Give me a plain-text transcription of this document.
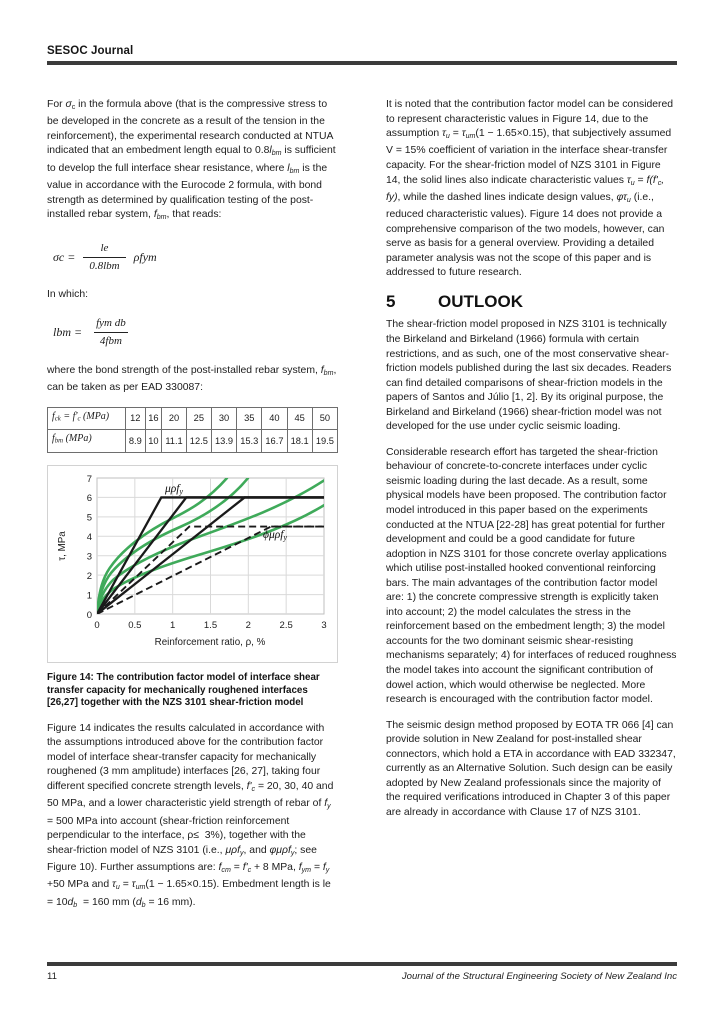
SESOC Journal

For $\sigma_c$ in the formula above (that is the compressive stress to be developed in the concrete as a result of the tension in the reinforcement), the experimental research conducted at NTUA indicated that an embedment length equal to $0.8l_{bm}$ is sufficient to develop the full interface shear resistance, where $l_{bm}$ is the value in accordance with the Eurocode 2 formula, with bond strength as determined by qualification testing of the post-installed rebar system, $f_{bm}$, that reads:

$\sigma c = \frac{le}{\text{0.8lbm}}$ ρfym

In which:

lbm = $\frac{\text{fym db}}{\text{4fbm}}$

where the bond strength of the post-installed rebar system, $f_{bm}$, can be taken as per EAD 330087:

$f_{ck} = f'_c$ (MPa)	12	16	20	25	30	35	40	45	50
$f_{bm}$ (MPa)	8.9	10	11.1	12.5	13.9	15.3	16.7	18.1	19.5
7
6
5
4
3
2
1
0
0	0.5	1	1.5	2	2.5	3
τ, MPa
Reinforcement ratio, ρ, %
μρfy
ϕμρfy
Figure 14: The contribution factor model of interface shear transfer capacity for mechanically roughened interfaces [26,27] together with the NZS 3101 shear-friction model

Figure 14 indicates the results calculated in accordance with the assumptions introduced above for the contribution factor model of interface shear-transfer capacity for mechanically roughened (3 mm amplitude) interfaces [26, 27], taking four different specified concrete strength levels, $f'_c = 20$, 30, 40 and 50 MPa, and a lower characteristic yield strength of rebar of $f_y = 500$ MPa into account (shear-friction reinforcement perpendicular to the interface, ρ≤  3%), together with the shear-friction model of NZS 3101 (i.e., μρf$_y$, and φμρf$_y$; see Figure 10). Further assumptions are: $f_{cm} = f'_c + 8$ MPa, $f_{ym} = f_y +50$ MPa and $\tau_u = \tau_{um}(1 - 1.65\times 0.15)$. Embedment length is le = $10d_b = 160$ mm ($d_b = 16$ mm).

It is noted that the contribution factor model can be considered to represent characteristic values in Figure 14, due to the assumption $\tau_u = \tau_{um}(1 - 1.65\times 0.15)$, that subjectively assumed V = 15% coefficient of variation in the interface shear-transfer capacity. For the shear-friction model of NZS 3101 in Figure 14, the solid lines also indicate characteristic values $\tau_u = f(f'_c$, fy), while the dashed lines indicate design values, $\varphi\tau_u$ (i.e., reduced characteristic values). Figure 14 does not provide a comprehensive comparison of the two models, however, can serve as basis for a general overview. Providing a detailed parameter analysis was not the scope of this paper and is addressed to future research.

5	OUTLOOK

The shear-friction model proposed in NZS 3101 is technically the Birkeland and Birkeland (1966) formula with certain restrictions, and as such, one of the most conservative shear-friction models published during the last six decades. Readers can find detailed comparisons of shear-friction models in the papers of Santos and Júlio [1, 2]. By its original purpose, the Birkeland and Birkeland (1966) shear-friction model was not developed for the use under cyclic seismic loading.

Considerable research effort has targeted the shear-friction behaviour of concrete-to-concrete interfaces under cyclic seismic loading during the last decade. As a result, some physical models have been proposed. The contribution factor model introduced in this paper based on the experiments conducted at the NTUA [22-28] has great potential for further development and could be a good candidate for future adoption in NZS 3101 for those concrete overlay applications which utilise post-installed hooked conventional reinforcing bars. The main advantages of the contribution factor model are: 1) the concrete compressive strength is explicitly taken into account; 2) the model calculates the stress in the reinforcement based on the embedment length; 3) the model accounts for the two dominant seismic shear-resisting mechanisms separately; 4) for interfaces of reduced roughness the model takes into account the significant contribution of dowel action, which would otherwise be neglected. More research is encouraged with the contribution factor model.

The seismic design method proposed by EOTA TR 066 [4] can provide solution in New Zealand for post-installed shear connectors, which hold a ETA in accordance with EAD 332347, currently as an Alternative Solution. Such design can be easily adopted by New Zealand professionals since the majority of the required verifications introduced in Chapter 3 of this paper are already in accordance with Clause 17 of NZS 3101.

11	Journal of the Structural Engineering Society of New Zealand Inc
